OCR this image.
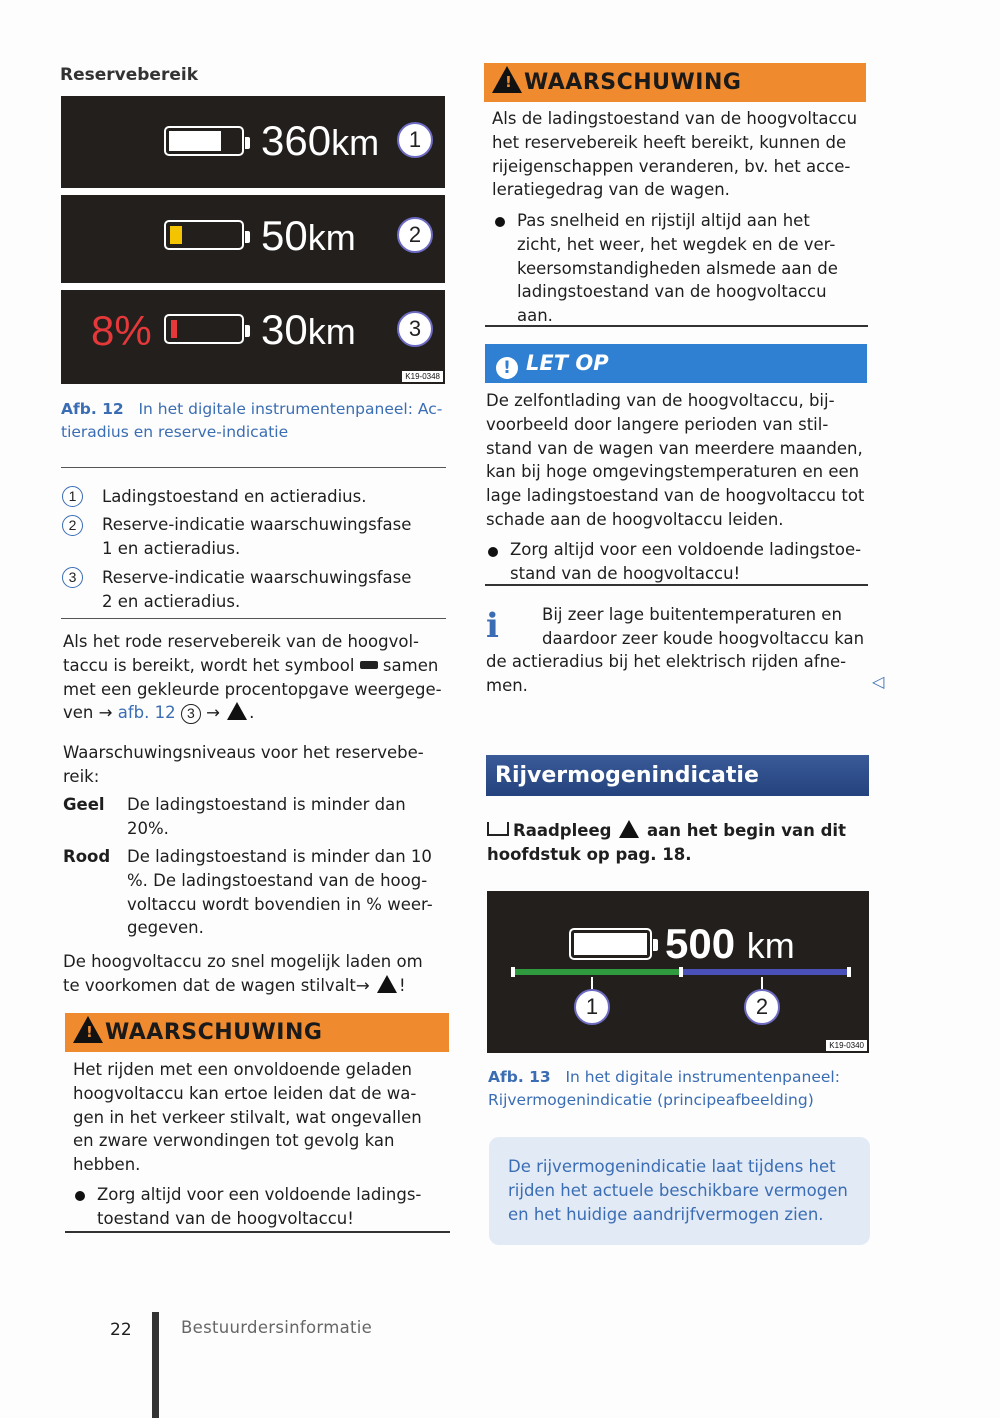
Reservebereik
360km	1
50km	2
8%	30km	3
K19-0348
Afb. 12 In het digitale instrumentenpaneel: Ac-
tieradius en reserve-indicatie
1	Ladingstoestand en actieradius.
2	Reserve-indicatie waarschuwingsfase
1 en actieradius.
3	Reserve-indicatie waarschuwingsfase
2 en actieradius.
Als het rode reservebereik van de hoogvol-
taccu is bereikt, wordt het symbool  samen
met een gekleurde procentopgave weergege-
ven → afb. 12 3 → .
Waarschuwingsniveaus voor het reservebe-
reik:
Geel De ladingstoestand is minder dan
20%.
Rood De ladingstoestand is minder dan 10
%. De ladingstoestand van de hoog-
voltaccu wordt bovendien in % weer-
gegeven.
De hoogvoltaccu zo snel mogelijk laden om
te voorkomen dat de wagen stilvalt→ !
! WAARSCHUWING
Het rijden met een onvoldoende geladen
hoogvoltaccu kan ertoe leiden dat de wa-
gen in het verkeer stilvalt, wat ongevallen
en zware verwondingen tot gevolg kan
hebben.
Zorg altijd voor een voldoende ladings-
toestand van de hoogvoltaccu!
! WAARSCHUWING
Als de ladingstoestand van de hoogvoltaccu
het reservebereik heeft bereikt, kunnen de
rijeigenschappen veranderen, bv. het acce-
leratiegedrag van de wagen.
Pas snelheid en rijstijl altijd aan het
zicht, het weer, het wegdek en de ver-
keersomstandigheden alsmede aan de
ladingstoestand van de hoogvoltaccu
aan.
! LET OP
De zelfontlading van de hoogvoltaccu, bij-
voorbeeld door langere perioden van stil-
stand van de wagen van meerdere maanden,
kan bij hoge omgevingstemperaturen en een
lage ladingstoestand van de hoogvoltaccu tot
schade aan de hoogvoltaccu leiden.
Zorg altijd voor een voldoende ladingstoe-
stand van de hoogvoltaccu!
i	Bij zeer lage buitentemperaturen en
daardoor zeer koude hoogvoltaccu kan
de actieradius bij het elektrisch rijden afne-
men.	◁
Rijvermogenindicatie
Raadpleeg  aan het begin van dit
hoofdstuk op pag. 18.
500 km
1	2
K19-0340
Afb. 13 In het digitale instrumentenpaneel:
Rijvermogenindicatie (principeafbeelding)
De rijvermogenindicatie laat tijdens het
rijden het actuele beschikbare vermogen
en het huidige aandrijfvermogen zien.
22	Bestuurdersinformatie
